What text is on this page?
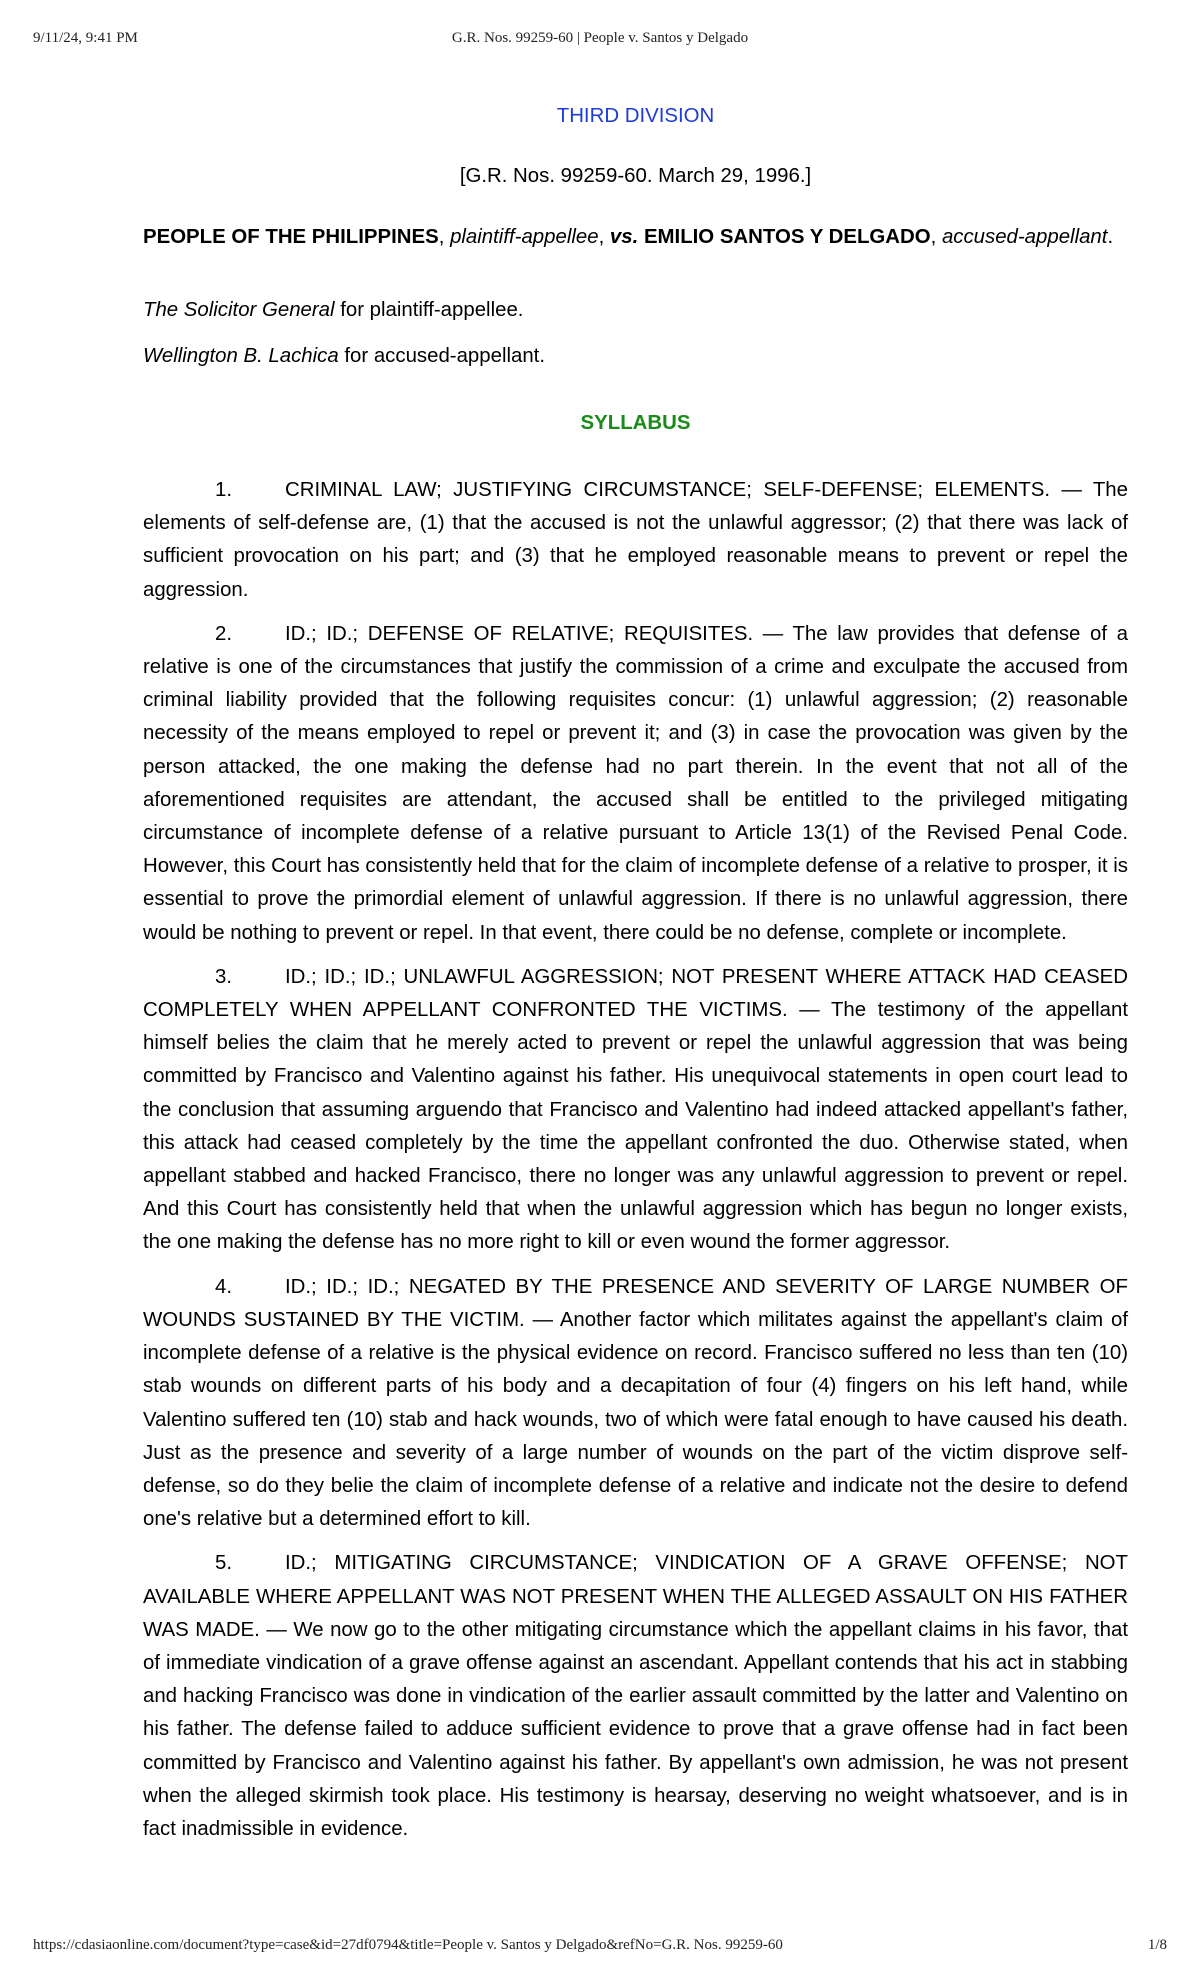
9/11/24, 9:41 PM	G.R. Nos. 99259-60 | People v. Santos y Delgado

THIRD DIVISION

[G.R. Nos. 99259-60. March 29, 1996.]

PEOPLE OF THE PHILIPPINES, plaintiff-appellee, vs. EMILIO SANTOS Y DELGADO, accused-appellant.

The Solicitor General for plaintiff-appellee.

Wellington B. Lachica for accused-appellant.

SYLLABUS

1.	CRIMINAL LAW; JUSTIFYING CIRCUMSTANCE; SELF-DEFENSE; ELEMENTS. — The elements of self-defense are, (1) that the accused is not the unlawful aggressor; (2) that there was lack of sufficient provocation on his part; and (3) that he employed reasonable means to prevent or repel the aggression.

2.	ID.; ID.; DEFENSE OF RELATIVE; REQUISITES. — The law provides that defense of a relative is one of the circumstances that justify the commission of a crime and exculpate the accused from criminal liability provided that the following requisites concur: (1) unlawful aggression; (2) reasonable necessity of the means employed to repel or prevent it; and (3) in case the provocation was given by the person attacked, the one making the defense had no part therein. In the event that not all of the aforementioned requisites are attendant, the accused shall be entitled to the privileged mitigating circumstance of incomplete defense of a relative pursuant to Article 13(1) of the Revised Penal Code. However, this Court has consistently held that for the claim of incomplete defense of a relative to prosper, it is essential to prove the primordial element of unlawful aggression. If there is no unlawful aggression, there would be nothing to prevent or repel. In that event, there could be no defense, complete or incomplete.

3.	ID.; ID.; ID.; UNLAWFUL AGGRESSION; NOT PRESENT WHERE ATTACK HAD CEASED COMPLETELY WHEN APPELLANT CONFRONTED THE VICTIMS. — The testimony of the appellant himself belies the claim that he merely acted to prevent or repel the unlawful aggression that was being committed by Francisco and Valentino against his father. His unequivocal statements in open court lead to the conclusion that assuming arguendo that Francisco and Valentino had indeed attacked appellant's father, this attack had ceased completely by the time the appellant confronted the duo. Otherwise stated, when appellant stabbed and hacked Francisco, there no longer was any unlawful aggression to prevent or repel. And this Court has consistently held that when the unlawful aggression which has begun no longer exists, the one making the defense has no more right to kill or even wound the former aggressor.

4.	ID.; ID.; ID.; NEGATED BY THE PRESENCE AND SEVERITY OF LARGE NUMBER OF WOUNDS SUSTAINED BY THE VICTIM. — Another factor which militates against the appellant's claim of incomplete defense of a relative is the physical evidence on record. Francisco suffered no less than ten (10) stab wounds on different parts of his body and a decapitation of four (4) fingers on his left hand, while Valentino suffered ten (10) stab and hack wounds, two of which were fatal enough to have caused his death. Just as the presence and severity of a large number of wounds on the part of the victim disprove self-defense, so do they belie the claim of incomplete defense of a relative and indicate not the desire to defend one's relative but a determined effort to kill.

5.	ID.; MITIGATING CIRCUMSTANCE; VINDICATION OF A GRAVE OFFENSE; NOT AVAILABLE WHERE APPELLANT WAS NOT PRESENT WHEN THE ALLEGED ASSAULT ON HIS FATHER WAS MADE. — We now go to the other mitigating circumstance which the appellant claims in his favor, that of immediate vindication of a grave offense against an ascendant. Appellant contends that his act in stabbing and hacking Francisco was done in vindication of the earlier assault committed by the latter and Valentino on his father. The defense failed to adduce sufficient evidence to prove that a grave offense had in fact been committed by Francisco and Valentino against his father. By appellant's own admission, he was not present when the alleged skirmish took place. His testimony is hearsay, deserving no weight whatsoever, and is in fact inadmissible in evidence.

https://cdasiaonline.com/document?type=case&id=27df0794&title=People v. Santos y Delgado&refNo=G.R. Nos. 99259-60	1/8
